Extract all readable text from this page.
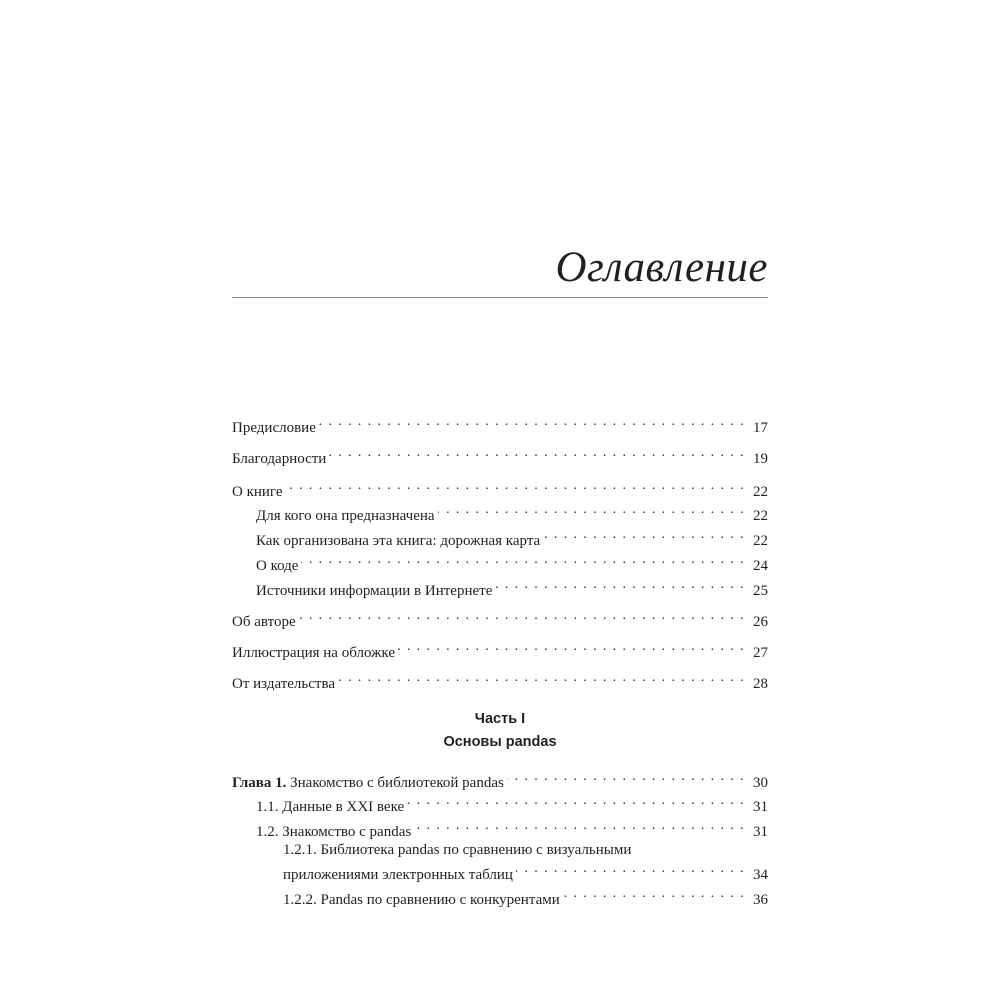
Оглавление
Предисловие . . .	17
Благодарности . . .	19
О книге . . .	22
Для кого она предназначена . . .	22
Как организована эта книга: дорожная карта . . .	22
О коде . . .	24
Источники информации в Интернете . . .	25
Об авторе . . .	26
Иллюстрация на обложке . . .	27
От издательства . . .	28
Часть I
Основы pandas
Глава 1. Знакомство с библиотекой pandas . . .	30
1.1. Данные в XXI веке . . .	31
1.2. Знакомство с pandas . . .	31
1.2.1. Библиотека pandas по сравнению с визуальными
приложениями электронных таблиц . . .	34
1.2.2. Pandas по сравнению с конкурентами . . .	36
